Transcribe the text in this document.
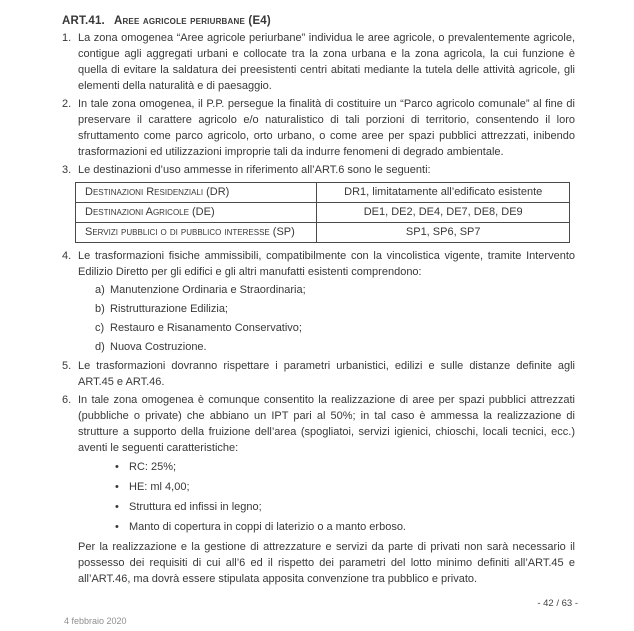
ART.41. Aree agricole periurbane (E4)
1. La zona omogenea “Aree agricole periurbane” individua le aree agricole, o prevalentemente agricole, contigue agli aggregati urbani e collocate tra la zona urbana e la zona agricola, la cui funzione è quella di evitare la saldatura dei preesistenti centri abitati mediante la tutela delle attività agricole, gli elementi della naturalità e di paesaggio.
2. In tale zona omogenea, il P.P. persegue la finalità di costituire un “Parco agricolo comunale” al fine di preservare il carattere agricolo e/o naturalistico di tali porzioni di territorio, consentendo il loro sfruttamento come parco agricolo, orto urbano, o come aree per spazi pubblici attrezzati, inibendo trasformazioni ed utilizzazioni improprie tali da indurre fenomeni di degrado ambientale.
3. Le destinazioni d’uso ammesse in riferimento all’ART.6 sono le seguenti:
Destinazioni Residenziali (DR)	DR1, limitatamente all’edificato esistente
Destinazioni Agricole (DE)	DE1, DE2, DE4, DE7, DE8, DE9
Servizi pubblici o di pubblico interesse (SP)	SP1, SP6, SP7
4. Le trasformazioni fisiche ammissibili, compatibilmente con la vincolistica vigente, tramite Intervento Edilizio Diretto per gli edifici e gli altri manufatti esistenti comprendono:
a) Manutenzione Ordinaria e Straordinaria;
b) Ristrutturazione Edilizia;
c) Restauro e Risanamento Conservativo;
d) Nuova Costruzione.
5. Le trasformazioni dovranno rispettare i parametri urbanistici, edilizi e sulle distanze definite agli ART.45 e ART.46.
6. In tale zona omogenea è comunque consentito la realizzazione di aree per spazi pubblici attrezzati (pubbliche o private) che abbiano un IPT pari al 50%; in tal caso è ammessa la realizzazione di strutture a supporto della fruizione dell’area (spogliatoi, servizi igienici, chioschi, locali tecnici, ecc.) aventi le seguenti caratteristiche:
• RC: 25%;
• HE: ml 4,00;
• Struttura ed infissi in legno;
• Manto di copertura in coppi di laterizio o a manto erboso.
Per la realizzazione e la gestione di attrezzature e servizi da parte di privati non sarà necessario il possesso dei requisiti di cui all’6 ed il rispetto dei parametri del lotto minimo definiti all’ART.45 e all’ART.46, ma dovrà essere stipulata apposita convenzione tra pubblico e privato.
- 42 / 63 -
4 febbraio 2020
